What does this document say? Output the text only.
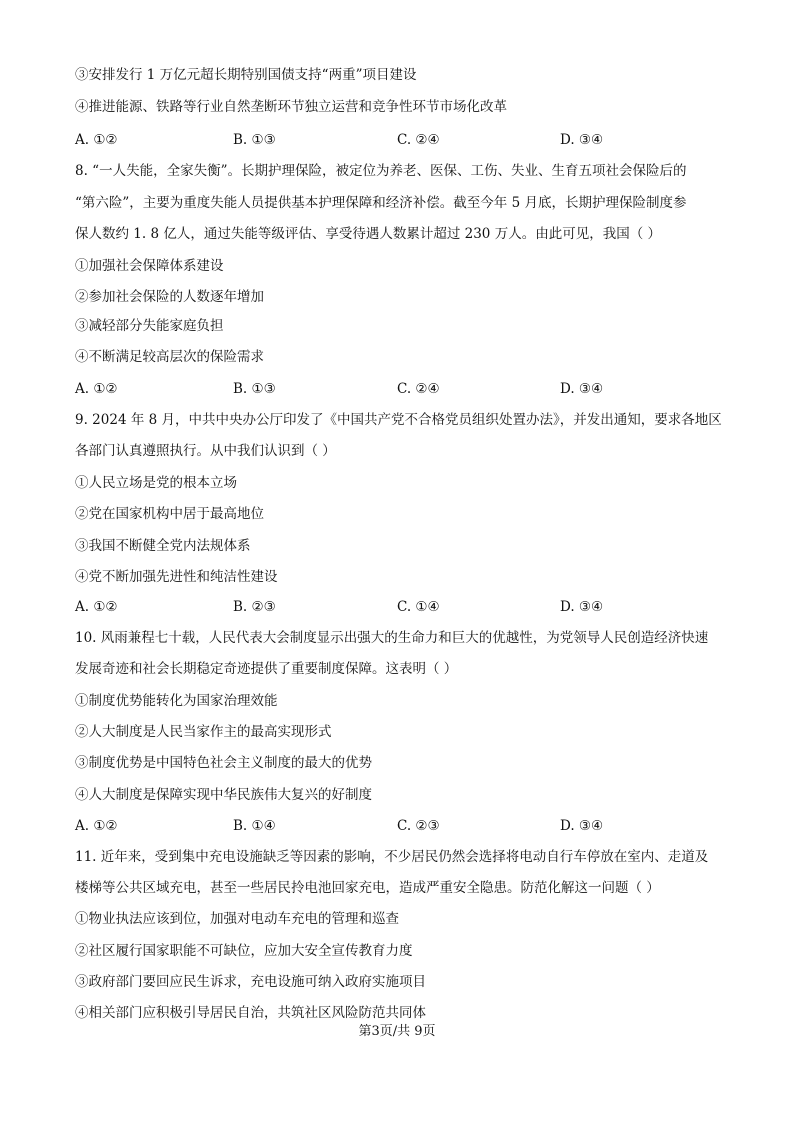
③安排发行 1 万亿元超长期特别国债支持“两重”项目建设
④推进能源、铁路等行业自然垄断环节独立运营和竞争性环节市场化改革
A. ①②	B. ①③	C. ②④	D. ③④
8. “一人失能，全家失衡”。长期护理保险，被定位为养老、医保、工伤、失业、生育五项社会保险后的
“第六险”，主要为重度失能人员提供基本护理保障和经济补偿。截至今年 5 月底，长期护理保险制度参
保人数约 1. 8 亿人，通过失能等级评估、享受待遇人数累计超过 230 万人。由此可见，我国（ ）
①加强社会保障体系建设
②参加社会保险的人数逐年增加
③减轻部分失能家庭负担
④不断满足较高层次的保险需求
A. ①②	B. ①③	C. ②④	D. ③④
9. 2024 年 8 月，中共中央办公厅印发了《中国共产党不合格党员组织处置办法》，并发出通知，要求各地区
各部门认真遵照执行。从中我们认识到（ ）
①人民立场是党的根本立场
②党在国家机构中居于最高地位
③我国不断健全党内法规体系
④党不断加强先进性和纯洁性建设
A. ①②	B. ②③	C. ①④	D. ③④
10. 风雨兼程七十载，人民代表大会制度显示出强大的生命力和巨大的优越性，为党领导人民创造经济快速
发展奇迹和社会长期稳定奇迹提供了重要制度保障。这表明（ ）
①制度优势能转化为国家治理效能
②人大制度是人民当家作主的最高实现形式
③制度优势是中国特色社会主义制度的最大的优势
④人大制度是保障实现中华民族伟大复兴的好制度
A. ①②	B. ①④	C. ②③	D. ③④
11. 近年来，受到集中充电设施缺乏等因素的影响，不少居民仍然会选择将电动自行车停放在室内、走道及
楼梯等公共区域充电，甚至一些居民拎电池回家充电，造成严重安全隐患。防范化解这一问题（ ）
①物业执法应该到位，加强对电动车充电的管理和巡查
②社区履行国家职能不可缺位，应加大安全宣传教育力度
③政府部门要回应民生诉求，充电设施可纳入政府实施项目
④相关部门应积极引导居民自治，共筑社区风险防范共同体
第3页/共 9页
